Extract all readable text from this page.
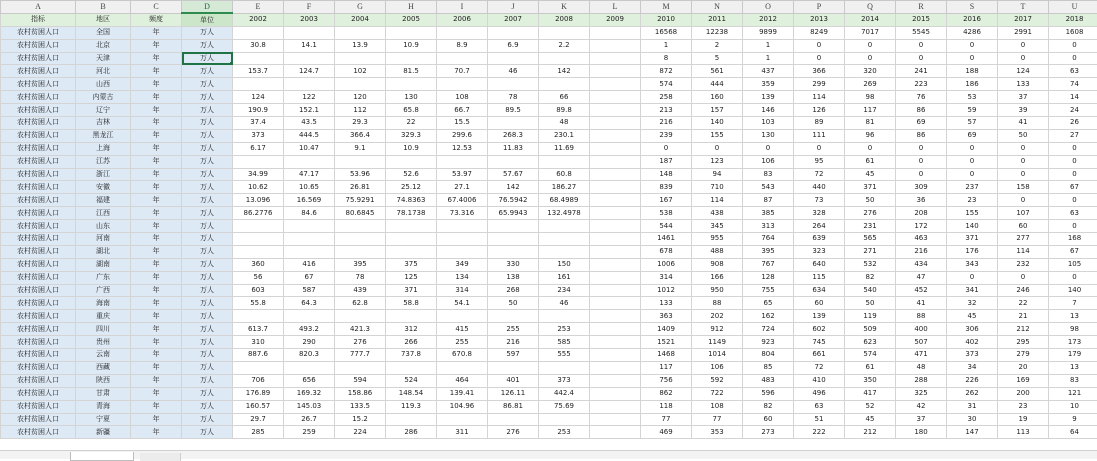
A	B	C	D	E	F	G	H	I	J	K	L	M	N	O	P	Q	R	S	T	U
指标	地区	频度	单位	2002	2003	2004	2005	2006	2007	2008	2009	2010	2011	2012	2013	2014	2015	2016	2017	2018
农村贫困人口	全国	年	万人									16568	12238	9899	8249	7017	5545	4286	2991	1608
农村贫困人口	北京	年	万人	30.8	14.1	13.9	10.9	8.9	6.9	2.2		1	2	1	0	0	0	0	0	0
农村贫困人口	天津	年	万人									8	5	1	0	0	0	0	0	0
农村贫困人口	河北	年	万人	153.7	124.7	102	81.5	70.7	46	142		872	561	437	366	320	241	188	124	63
农村贫困人口	山西	年	万人									574	444	359	299	269	223	186	133	74
农村贫困人口	内蒙古	年	万人	124	122	120	130	108	78	66		258	160	139	114	98	76	53	37	14
农村贫困人口	辽宁	年	万人	190.9	152.1	112	65.8	66.7	89.5	89.8		213	157	146	126	117	86	59	39	24
农村贫困人口	吉林	年	万人	37.4	43.5	29.3	22	15.5		48		216	140	103	89	81	69	57	41	26
农村贫困人口	黑龙江	年	万人	373	444.5	366.4	329.3	299.6	268.3	230.1		239	155	130	111	96	86	69	50	27
农村贫困人口	上海	年	万人	6.17	10.47	9.1	10.9	12.53	11.83	11.69		0	0	0	0	0	0	0	0	0
农村贫困人口	江苏	年	万人									187	123	106	95	61	0	0	0	0
农村贫困人口	浙江	年	万人	34.99	47.17	53.96	52.6	53.97	57.67	60.8		148	94	83	72	45	0	0	0	0
农村贫困人口	安徽	年	万人	10.62	10.65	26.81	25.12	27.1	142	186.27		839	710	543	440	371	309	237	158	67
农村贫困人口	福建	年	万人	13.096	16.569	75.9291	74.8363	67.4006	76.5942	68.4989		167	114	87	73	50	36	23	0	0
农村贫困人口	江西	年	万人	86.2776	84.6	80.6845	78.1738	73.316	65.9943	132.4978		538	438	385	328	276	208	155	107	63
农村贫困人口	山东	年	万人									544	345	313	264	231	172	140	60	0
农村贫困人口	河南	年	万人									1461	955	764	639	565	463	371	277	168
农村贫困人口	湖北	年	万人									678	488	395	323	271	216	176	114	67
农村贫困人口	湖南	年	万人	360	416	395	375	349	330	150		1006	908	767	640	532	434	343	232	105
农村贫困人口	广东	年	万人	56	67	78	125	134	138	161		314	166	128	115	82	47	0	0	0
农村贫困人口	广西	年	万人	603	587	439	371	314	268	234		1012	950	755	634	540	452	341	246	140
农村贫困人口	海南	年	万人	55.8	64.3	62.8	58.8	54.1	50	46		133	88	65	60	50	41	32	22	7
农村贫困人口	重庆	年	万人									363	202	162	139	119	88	45	21	13
农村贫困人口	四川	年	万人	613.7	493.2	421.3	312	415	255	253		1409	912	724	602	509	400	306	212	98
农村贫困人口	贵州	年	万人	310	290	276	266	255	216	585		1521	1149	923	745	623	507	402	295	173
农村贫困人口	云南	年	万人	887.6	820.3	777.7	737.8	670.8	597	555		1468	1014	804	661	574	471	373	279	179
农村贫困人口	西藏	年	万人									117	106	85	72	61	48	34	20	13
农村贫困人口	陕西	年	万人	706	656	594	524	464	401	373		756	592	483	410	350	288	226	169	83
农村贫困人口	甘肃	年	万人	176.89	169.32	158.86	148.54	139.41	126.11	442.4		862	722	596	496	417	325	262	200	121
农村贫困人口	青海	年	万人	160.57	145.03	133.5	119.3	104.96	86.81	75.69		118	108	82	63	52	42	31	23	10
农村贫困人口	宁夏	年	万人	29.7	26.7	15.2						77	77	60	51	45	37	30	19	9
农村贫困人口	新疆	年	万人	285	259	224	286	311	276	253		469	353	273	222	212	180	147	113	64
